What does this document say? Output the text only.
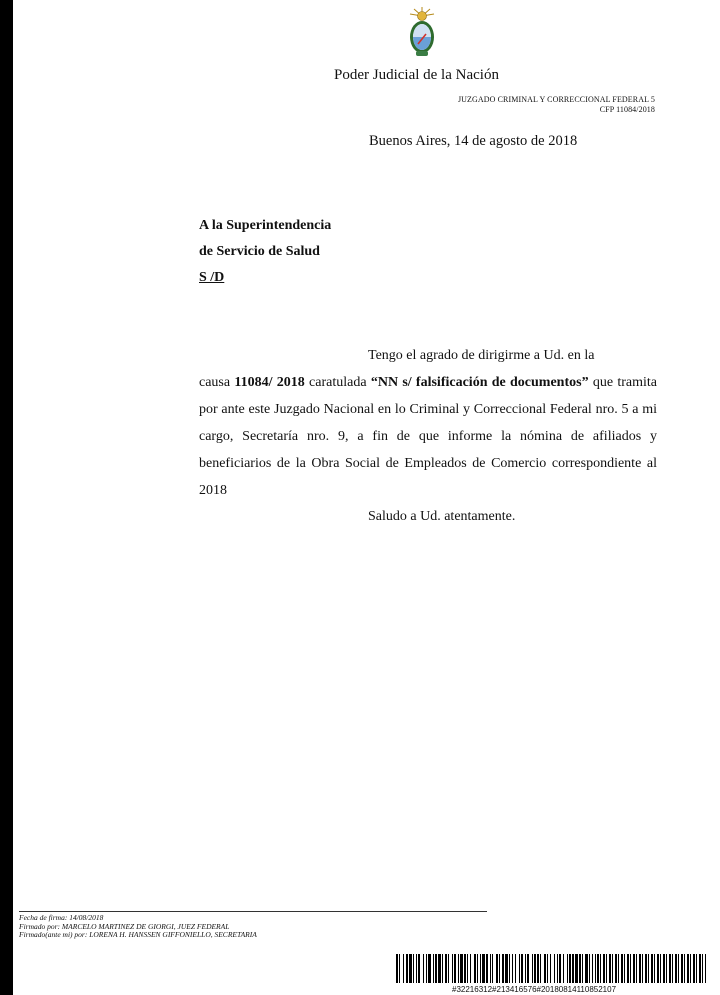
Poder Judicial de la Nación
JUZGADO CRIMINAL Y CORRECCIONAL FEDERAL 5
CFP 11084/2018
Buenos Aires, 14 de agosto de 2018
A la Superintendencia
de Servicio de Salud
S /D

Tengo el agrado de dirigirme a Ud. en la

causa 11084/ 2018 caratulada “NN s/ falsificación de documentos” que tramita por ante este Juzgado Nacional en lo Criminal y Correccional Federal nro. 5 a mi cargo, Secretaría nro. 9, a fin de que informe la nómina de afiliados y beneficiarios de la Obra Social de Empleados de Comercio correspondiente al 2018

Saludo a Ud. atentamente.
Fecha de firma: 14/08/2018
Firmado por: MARCELO MARTINEZ DE GIORGI, JUEZ FEDERAL
Firmado(ante mi) por: LORENA H. HANSSEN GIFFONIELLO, SECRETARIA
#32216312#213416576#20180814110852107
